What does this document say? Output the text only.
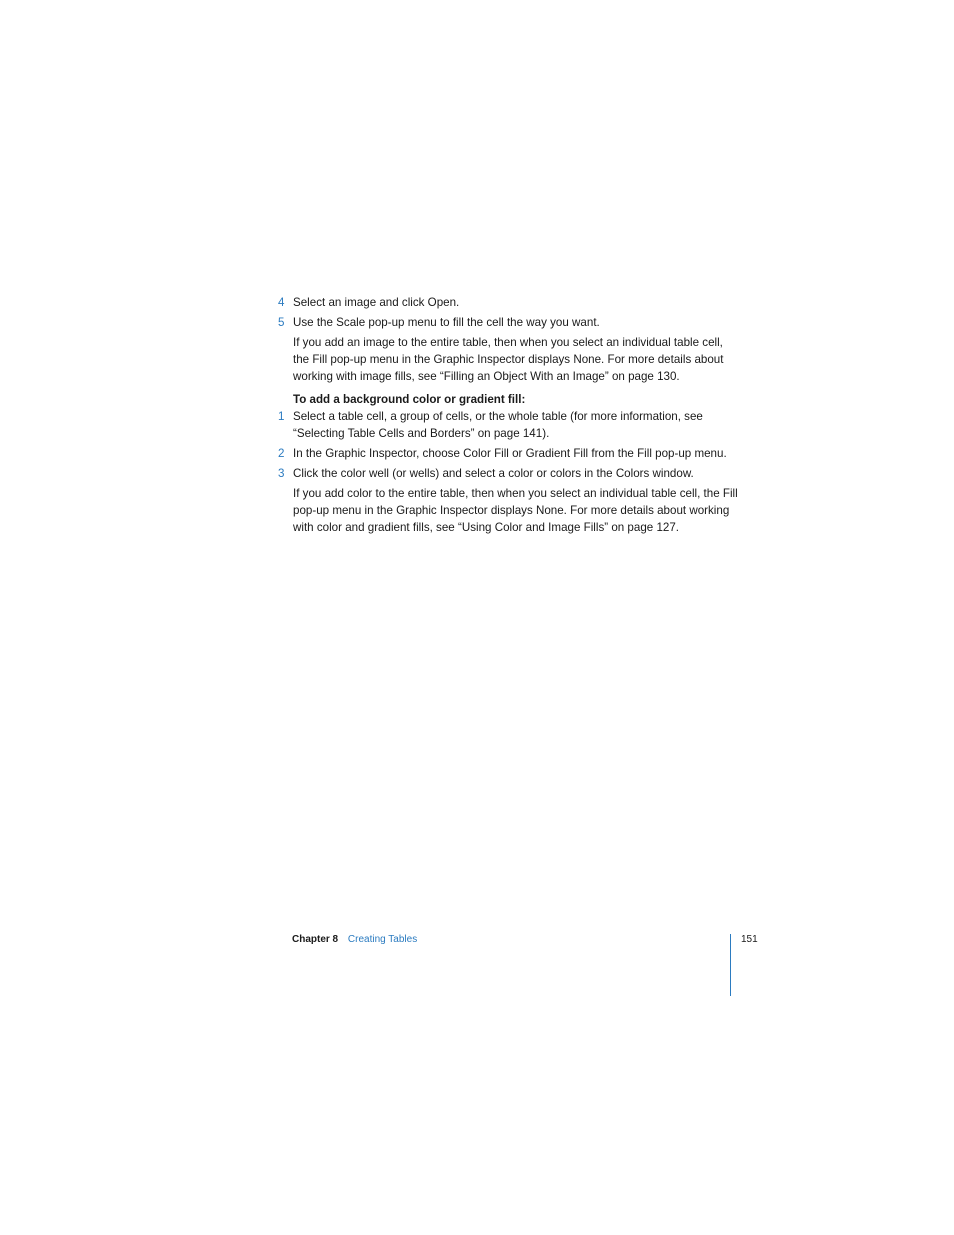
4 Select an image and click Open.
5 Use the Scale pop-up menu to fill the cell the way you want.
If you add an image to the entire table, then when you select an individual table cell, the Fill pop-up menu in the Graphic Inspector displays None. For more details about working with image fills, see “Filling an Object With an Image” on page 130.
To add a background color or gradient fill:
1 Select a table cell, a group of cells, or the whole table (for more information, see “Selecting Table Cells and Borders” on page 141).
2 In the Graphic Inspector, choose Color Fill or Gradient Fill from the Fill pop-up menu.
3 Click the color well (or wells) and select a color or colors in the Colors window.
If you add color to the entire table, then when you select an individual table cell, the Fill pop-up menu in the Graphic Inspector displays None. For more details about working with color and gradient fills, see “Using Color and Image Fills” on page 127.
Chapter 8 Creating Tables	151
